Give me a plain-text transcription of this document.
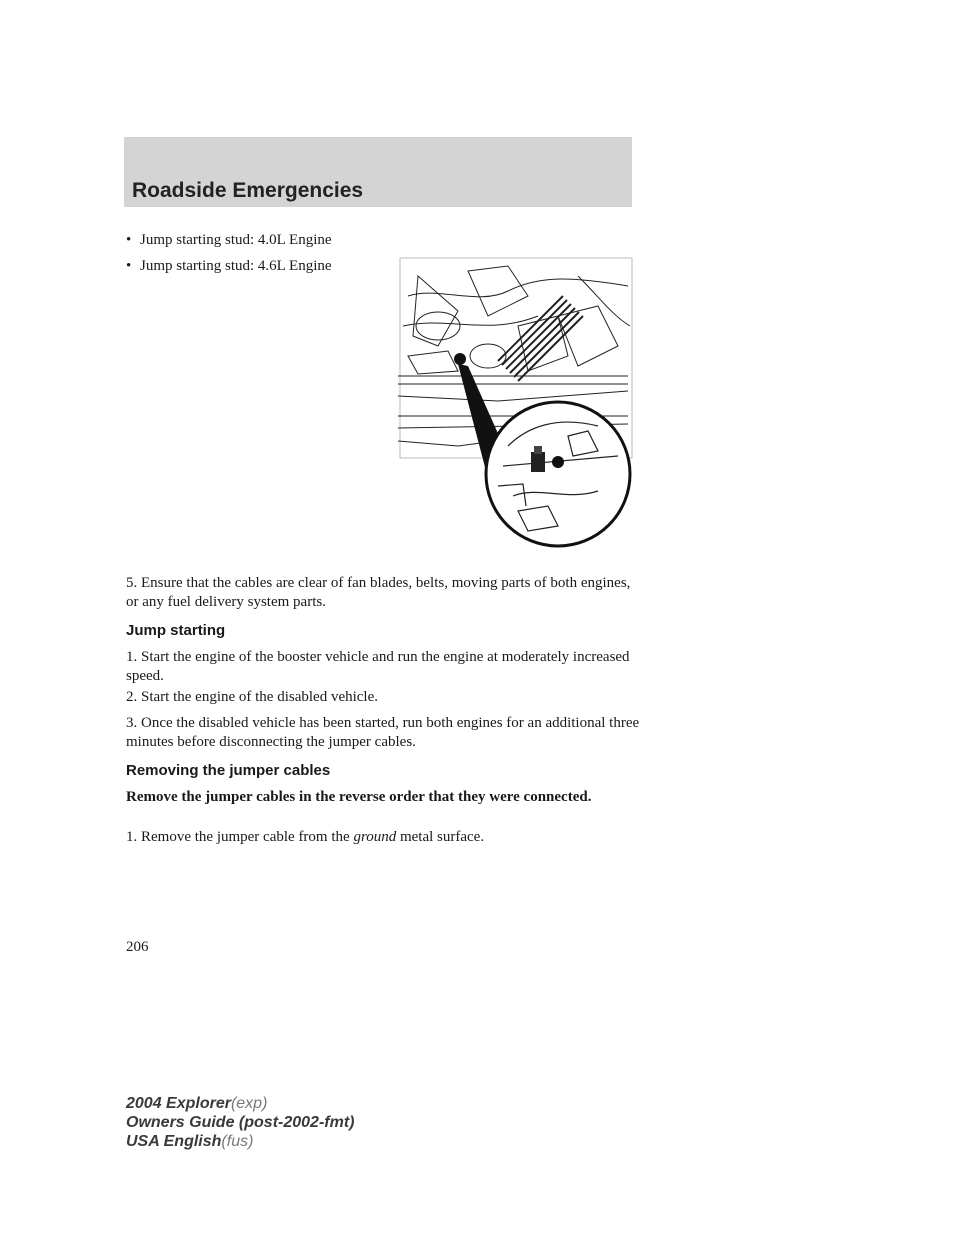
Roadside Emergencies
• Jump starting stud: 4.0L Engine
• Jump starting stud: 4.6L Engine

5. Ensure that the cables are clear of fan blades, belts, moving parts of both engines, or any fuel delivery system parts.

Jump starting

1. Start the engine of the booster vehicle and run the engine at moderately increased speed.

2. Start the engine of the disabled vehicle.

3. Once the disabled vehicle has been started, run both engines for an additional three minutes before disconnecting the jumper cables.

Removing the jumper cables

Remove the jumper cables in the reverse order that they were connected.

1. Remove the jumper cable from the ground metal surface.

206
2004 Explorer(exp)
Owners Guide (post-2002-fmt)
USA English(fus)
